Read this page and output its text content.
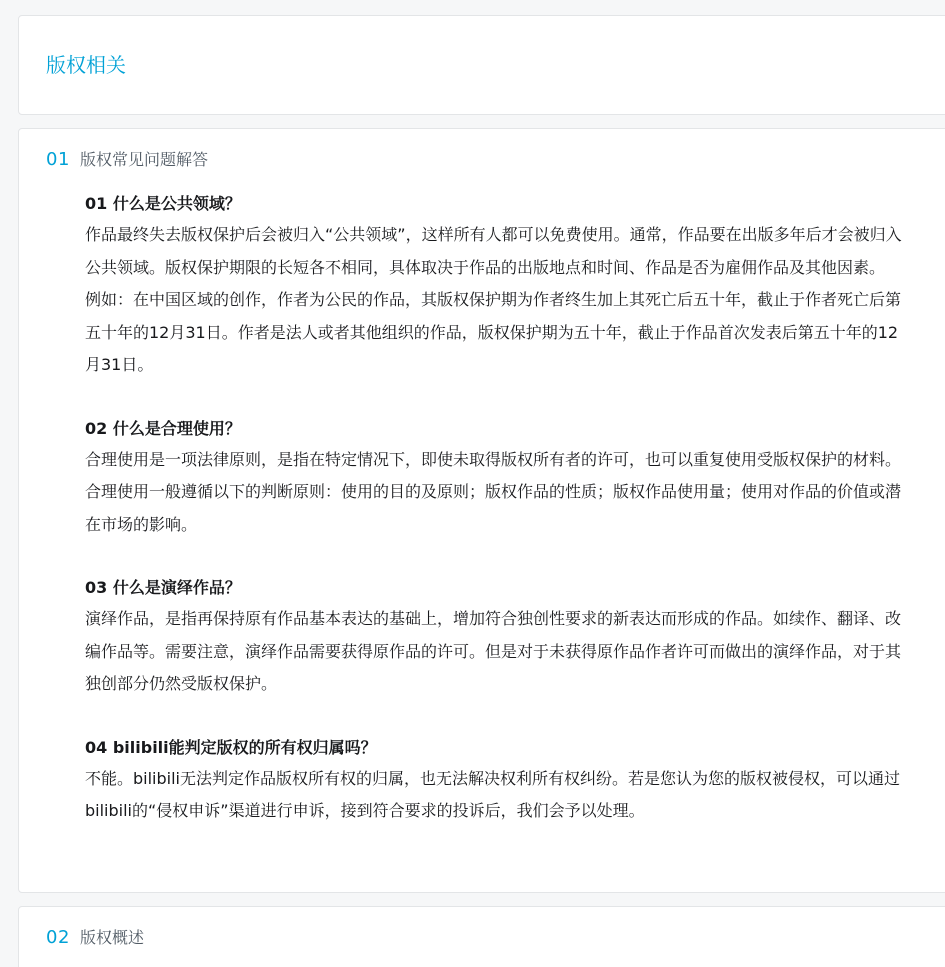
版权相关
01 版权常见问题解答
01 什么是公共领域？

作品最终失去版权保护后会被归入“公共领域”，这样所有人都可以免费使用。通常，作品要在出版多年后才会被归入公共领域。版权保护期限的长短各不相同，具体取决于作品的出版地点和时间、作品是否为雇佣作品及其他因素。

例如：在中国区域的创作，作者为公民的作品，其版权保护期为作者终生加上其死亡后五十年，截止于作者死亡后第五十年的12月31日。作者是法人或者其他组织的作品，版权保护期为五十年，截止于作品首次发表后第五十年的12月31日。

02 什么是合理使用？

合理使用是一项法律原则，是指在特定情况下，即使未取得版权所有者的许可，也可以重复使用受版权保护的材料。合理使用一般遵循以下的判断原则：使用的目的及原则；版权作品的性质；版权作品使用量；使用对作品的价值或潜在市场的影响。

03 什么是演绎作品？

演绎作品，是指再保持原有作品基本表达的基础上，增加符合独创性要求的新表达而形成的作品。如续作、翻译、改编作品等。需要注意，演绎作品需要获得原作品的许可。但是对于未获得原作品作者许可而做出的演绎作品，对于其独创部分仍然受版权保护。

04 bilibili能判定版权的所有权归属吗？

不能。bilibili无法判定作品版权所有权的归属，也无法解决权利所有权纠纷。若是您认为您的版权被侵权，可以通过bilibili的“侵权申诉”渠道进行申诉，接到符合要求的投诉后，我们会予以处理。

02 版权概述
